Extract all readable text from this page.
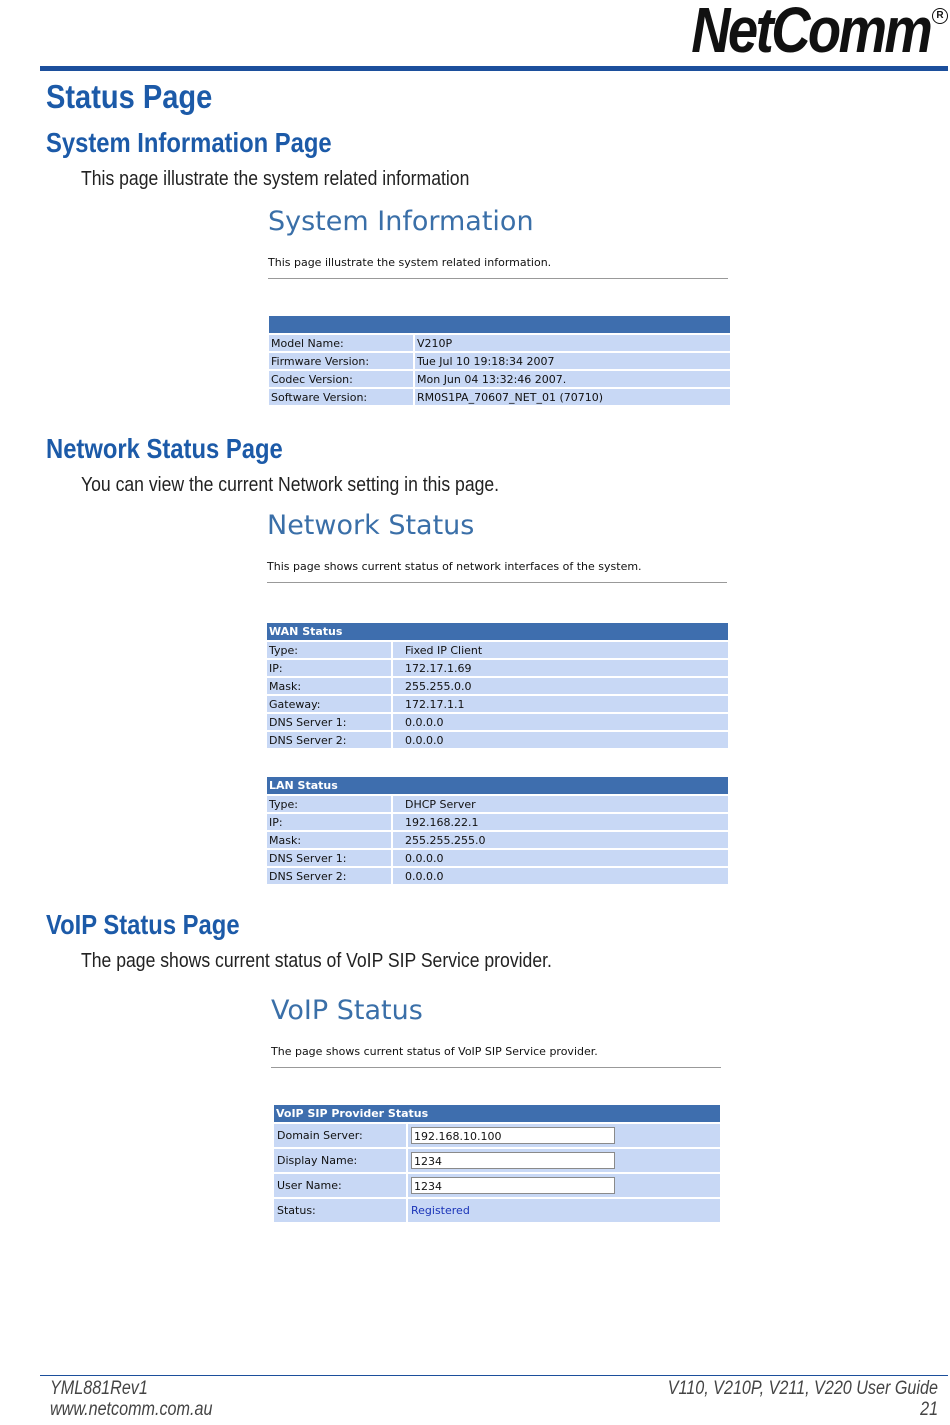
NetComm R
Status Page
System Information Page
This page illustrate the system related information
System Information
This page illustrate the system related information.

Model Name:	V210P
Firmware Version:	Tue Jul 10 19:18:34 2007
Codec Version:	Mon Jun 04 13:32:46 2007.
Software Version:	RM0S1PA_70607_NET_01 (70710)
Network Status Page
You can view the current Network setting in this page.
Network Status
This page shows current status of network interfaces of the system.
WAN Status	
Type:	Fixed IP Client
IP:	172.17.1.69
Mask:	255.255.0.0
Gateway:	172.17.1.1
DNS Server 1:	0.0.0.0
DNS Server 2:	0.0.0.0
LAN Status	
Type:	DHCP Server
IP:	192.168.22.1
Mask:	255.255.255.0
DNS Server 1:	0.0.0.0
DNS Server 2:	0.0.0.0
VoIP Status Page
The page shows current status of VoIP SIP Service provider.
VoIP Status
The page shows current status of VoIP SIP Service provider.
VoIP SIP Provider Status	
Domain Server:	192.168.10.100
Display Name:	1234
User Name:	1234
Status:	Registered
YML881Rev1
www.netcomm.com.au
V110, V210P, V211, V220 User Guide
21
